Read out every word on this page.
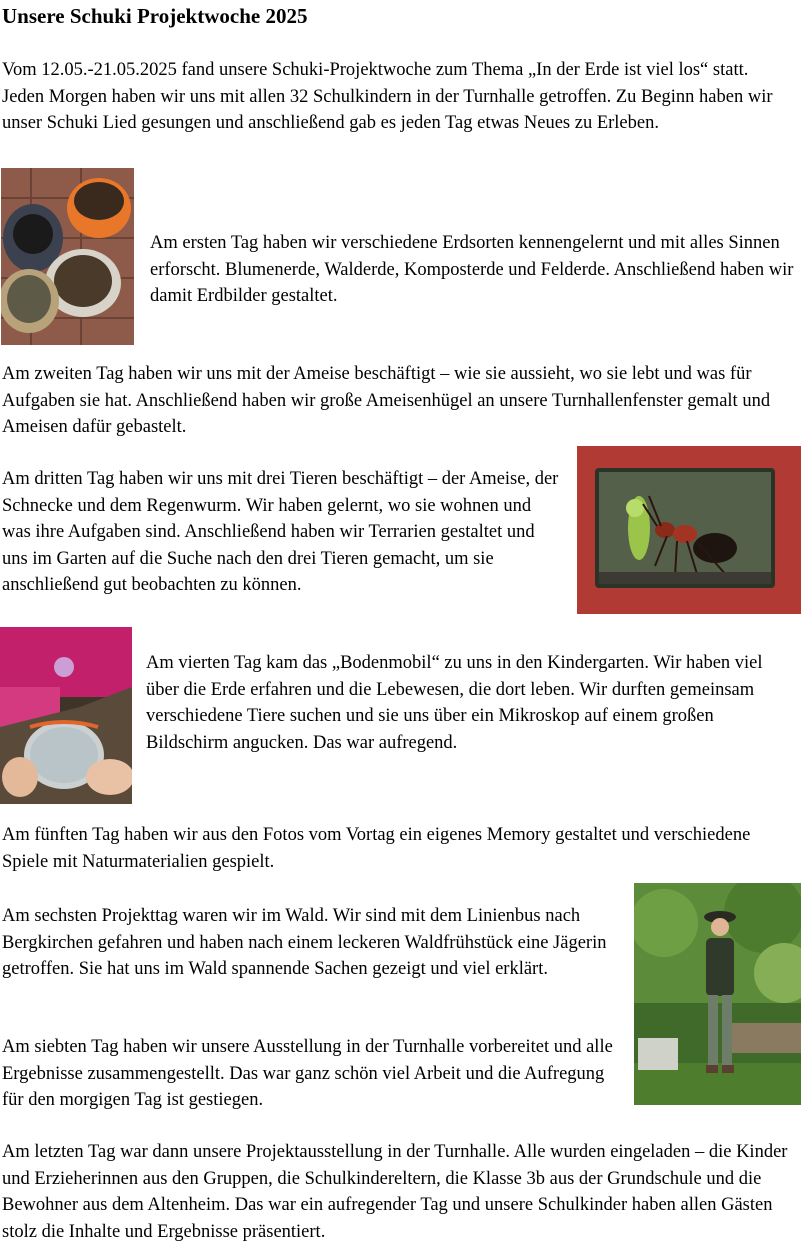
Unsere Schuki Projektwoche 2025

Vom 12.05.-21.05.2025 fand unsere Schuki-Projektwoche zum Thema „In der Erde ist viel los“ statt. Jeden Morgen haben wir uns mit allen 32 Schulkindern in der Turnhalle getroffen. Zu Beginn haben wir unser Schuki Lied gesungen und anschließend gab es jeden Tag etwas Neues zu Erleben.

Am ersten Tag haben wir verschiedene Erdsorten kennengelernt und mit alles Sinnen erforscht. Blumenerde, Walderde, Komposterde und Felderde. Anschließend haben wir damit Erdbilder gestaltet.

Am zweiten Tag haben wir uns mit der Ameise beschäftigt – wie sie aussieht, wo sie lebt und was für Aufgaben sie hat. Anschließend haben wir große Ameisenhügel an unsere Turnhallenfenster gemalt und Ameisen dafür gebastelt.

Am dritten Tag haben wir uns mit drei Tieren beschäftigt – der Ameise, der Schnecke und dem Regenwurm. Wir haben gelernt, wo sie wohnen und was ihre Aufgaben sind. Anschließend haben wir Terrarien gestaltet und uns im Garten auf die Suche nach den drei Tieren gemacht, um sie anschließend gut beobachten zu können.

Am vierten Tag kam das „Bodenmobil“ zu uns in den Kindergarten. Wir haben viel über die Erde erfahren und die Lebewesen, die dort leben. Wir durften gemeinsam verschiedene Tiere suchen und sie uns über ein Mikroskop auf einem großen Bildschirm angucken. Das war aufregend.

Am fünften Tag haben wir aus den Fotos vom Vortag ein eigenes Memory gestaltet und verschiedene Spiele mit Naturmaterialien gespielt.

Am sechsten Projekttag waren wir im Wald. Wir sind mit dem Linienbus nach Bergkirchen gefahren und haben nach einem leckeren Waldfrühstück eine Jägerin getroffen. Sie hat uns im Wald spannende Sachen gezeigt und viel erklärt.

Am siebten Tag haben wir unsere Ausstellung in der Turnhalle vorbereitet und alle Ergebnisse zusammengestellt. Das war ganz schön viel Arbeit und die Aufregung für den morgigen Tag ist gestiegen.

Am letzten Tag war dann unsere Projektausstellung in der Turnhalle. Alle wurden eingeladen – die Kinder und Erzieherinnen aus den Gruppen, die Schulkindereltern, die Klasse 3b aus der Grundschule und die Bewohner aus dem Altenheim. Das war ein aufregender Tag und unsere Schulkinder haben allen Gästen stolz die Inhalte und Ergebnisse präsentiert.
